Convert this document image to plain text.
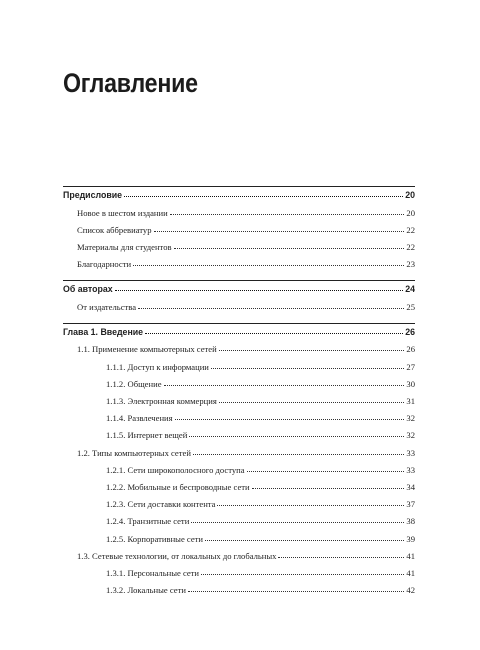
Оглавление
Предисловие	20
Новое в шестом издании	20
Список аббревиатур	22
Материалы для студентов	22
Благодарности	23
Об авторах	24
От издательства	25
Глава 1. Введение	26
1.1. Применение компьютерных сетей	26
1.1.1. Доступ к информации	27
1.1.2. Общение	30
1.1.3. Электронная коммерция	31
1.1.4. Развлечения	32
1.1.5. Интернет вещей	32
1.2. Типы компьютерных сетей	33
1.2.1. Сети широкополосного доступа	33
1.2.2. Мобильные и беспроводные сети	34
1.2.3. Сети доставки контента	37
1.2.4. Транзитные сети	38
1.2.5. Корпоративные сети	39
1.3. Сетевые технологии, от локальных до глобальных	41
1.3.1. Персональные сети	41
1.3.2. Локальные сети	42
